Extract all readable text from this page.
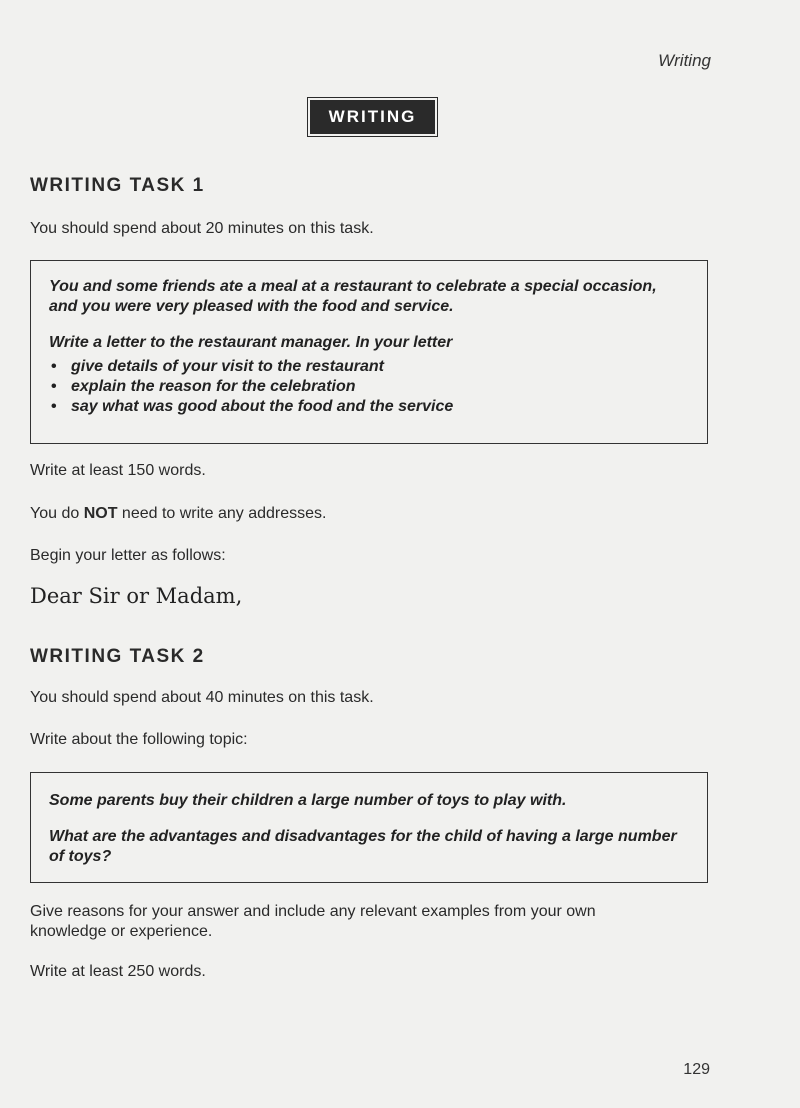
Writing
WRITING
WRITING TASK 1
You should spend about 20 minutes on this task.

You and some friends ate a meal at a restaurant to celebrate a special occasion, and you were very pleased with the food and service.

Write a letter to the restaurant manager. In your letter

• give details of your visit to the restaurant
• explain the reason for the celebration
• say what was good about the food and the service
Write at least 150 words.
You do NOT need to write any addresses.
Begin your letter as follows:
Dear Sir or Madam,
WRITING TASK 2
You should spend about 40 minutes on this task.
Write about the following topic:

Some parents buy their children a large number of toys to play with.

What are the advantages and disadvantages for the child of having a large number of toys?

Give reasons for your answer and include any relevant examples from your own
knowledge or experience.
Write at least 250 words.
129
